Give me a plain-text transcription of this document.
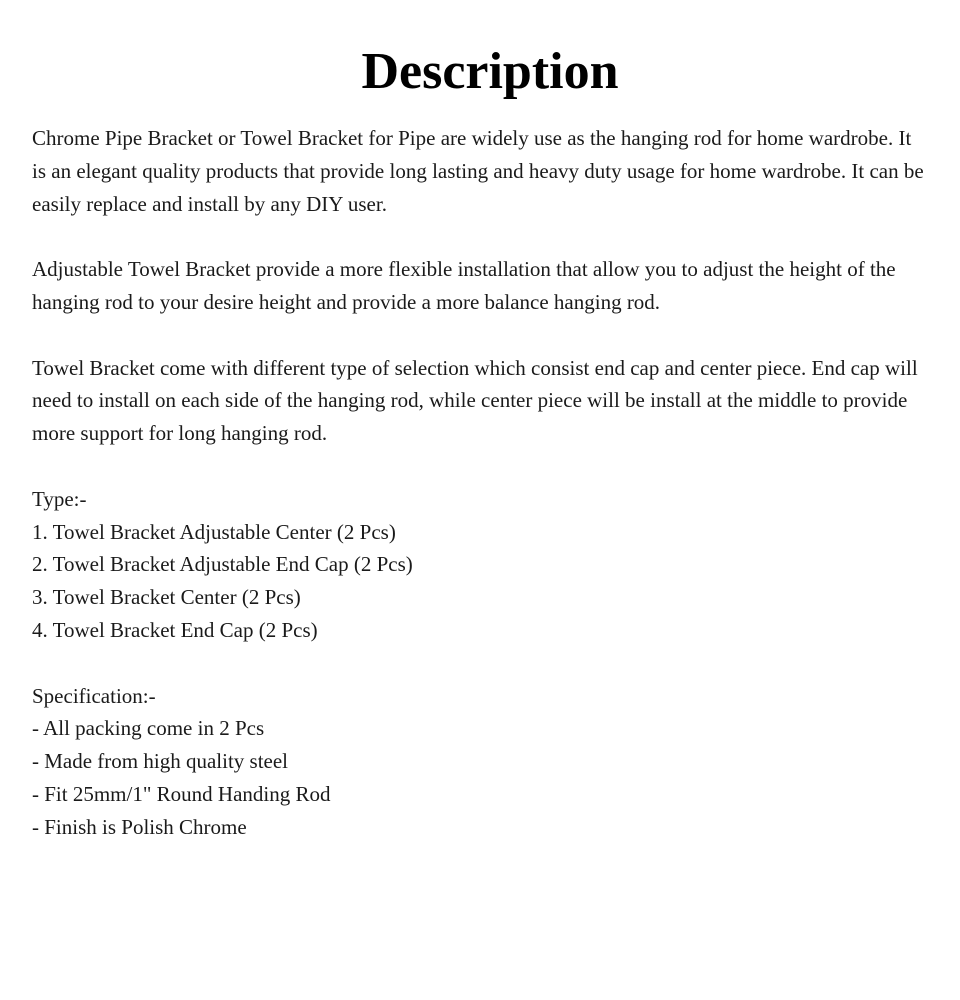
Description

Chrome Pipe Bracket or Towel Bracket for Pipe are widely use as the hanging rod for home wardrobe. It is an elegant quality products that provide long lasting and heavy duty usage for home wardrobe. It can be easily replace and install by any DIY user.

Adjustable Towel Bracket provide a more flexible installation that allow you to adjust the height of the hanging rod to your desire height and provide a more balance hanging rod.

Towel Bracket come with different type of selection which consist end cap and center piece. End cap will need to install on each side of the hanging rod, while center piece will be install at the middle to provide more support for long hanging rod.

Type:-
1. Towel Bracket Adjustable Center (2 Pcs)
2. Towel Bracket Adjustable End Cap (2 Pcs)
3. Towel Bracket Center (2 Pcs)
4. Towel Bracket End Cap (2 Pcs)
Specification:-
- All packing come in 2 Pcs
- Made from high quality steel
- Fit 25mm/1" Round Handing Rod
- Finish is Polish Chrome
